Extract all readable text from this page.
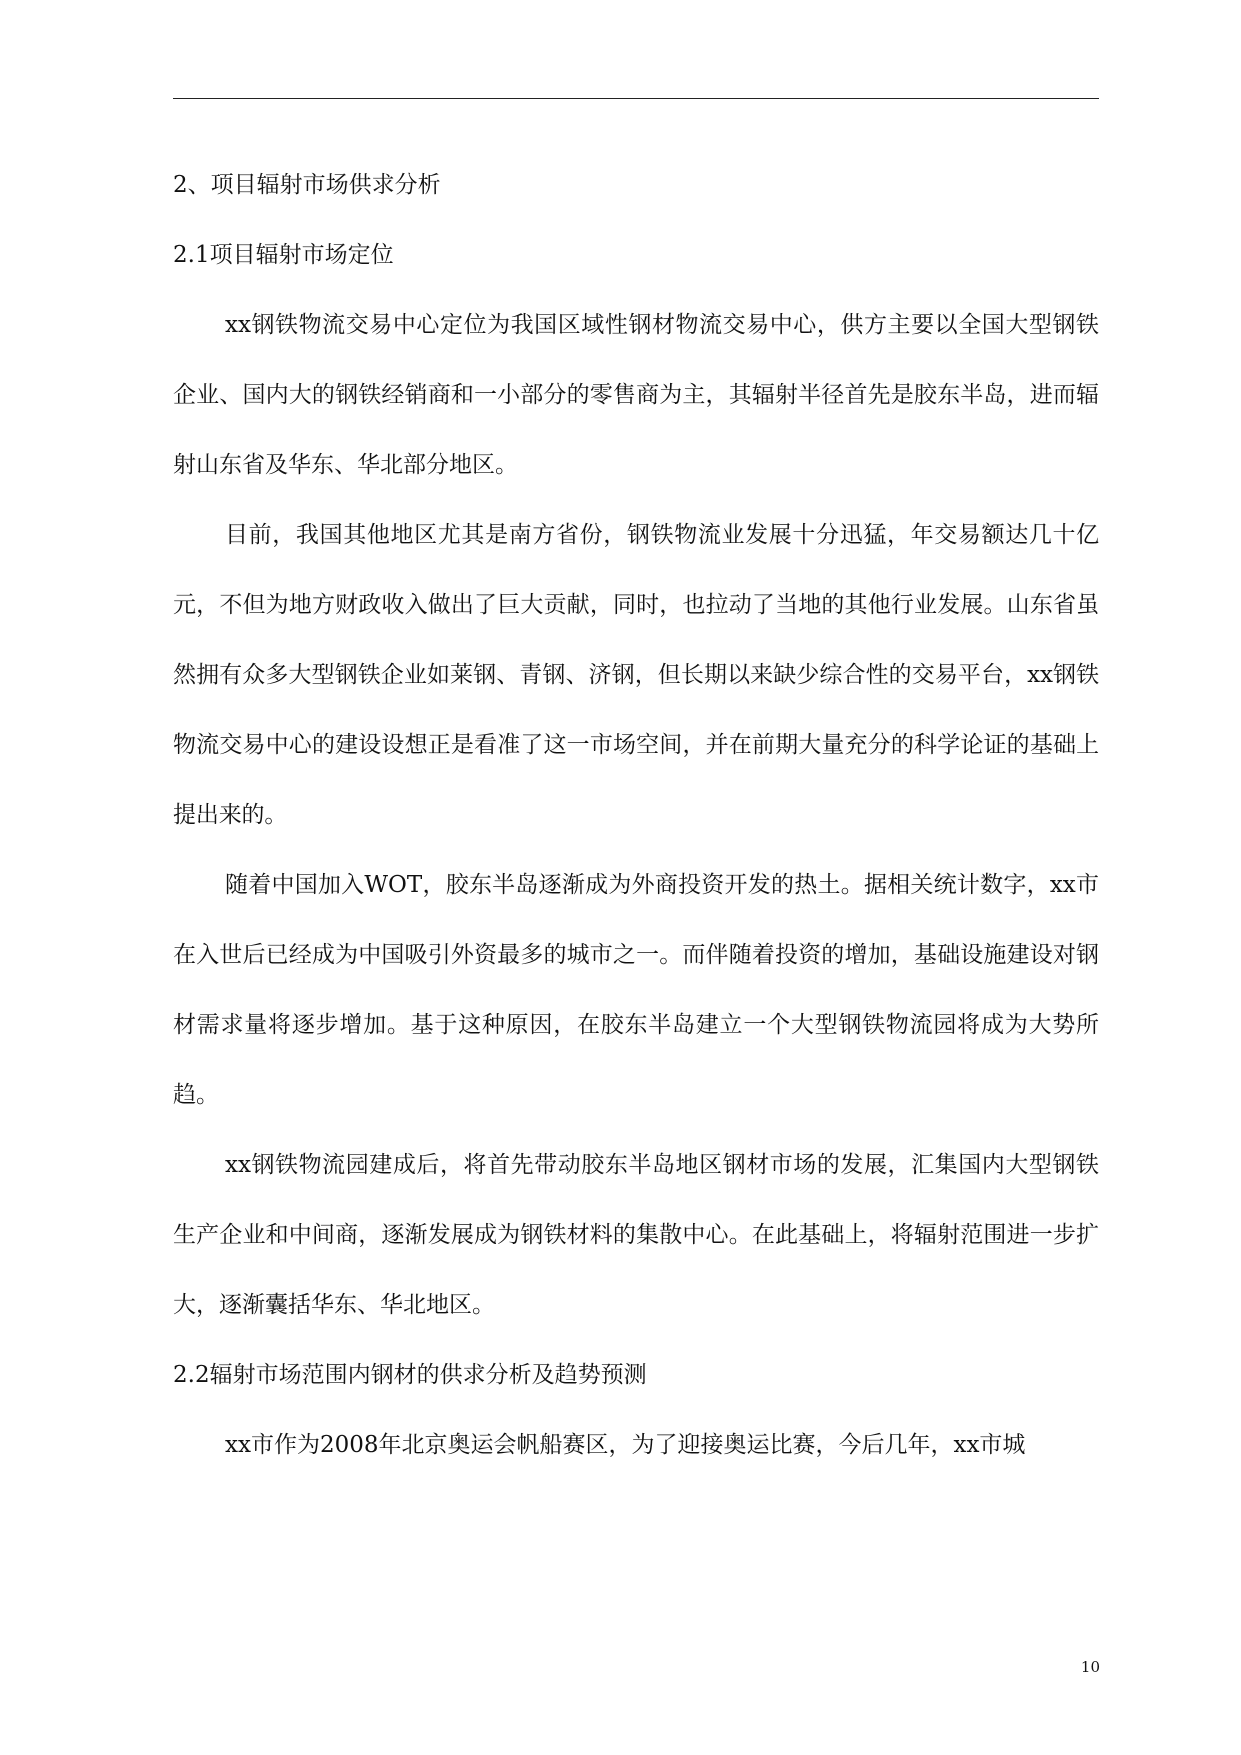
2、项目辐射市场供求分析
2.1项目辐射市场定位

xx钢铁物流交易中心定位为我国区域性钢材物流交易中心，供方主要以全国大型钢铁企业、国内大的钢铁经销商和一小部分的零售商为主，其辐射半径首先是胶东半岛，进而辐射山东省及华东、华北部分地区。

目前，我国其他地区尤其是南方省份，钢铁物流业发展十分迅猛，年交易额达几十亿元，不但为地方财政收入做出了巨大贡献，同时，也拉动了当地的其他行业发展。山东省虽然拥有众多大型钢铁企业如莱钢、青钢、济钢，但长期以来缺少综合性的交易平台，xx钢铁物流交易中心的建设设想正是看准了这一市场空间，并在前期大量充分的科学论证的基础上提出来的。

随着中国加入WOT，胶东半岛逐渐成为外商投资开发的热土。据相关统计数字，xx市在入世后已经成为中国吸引外资最多的城市之一。而伴随着投资的增加，基础设施建设对钢材需求量将逐步增加。基于这种原因，在胶东半岛建立一个大型钢铁物流园将成为大势所趋。

xx钢铁物流园建成后，将首先带动胶东半岛地区钢材市场的发展，汇集国内大型钢铁生产企业和中间商，逐渐发展成为钢铁材料的集散中心。在此基础上，将辐射范围进一步扩大，逐渐囊括华东、华北地区。

2.2辐射市场范围内钢材的供求分析及趋势预测

xx市作为2008年北京奥运会帆船赛区，为了迎接奥运比赛，今后几年，xx市城

10
